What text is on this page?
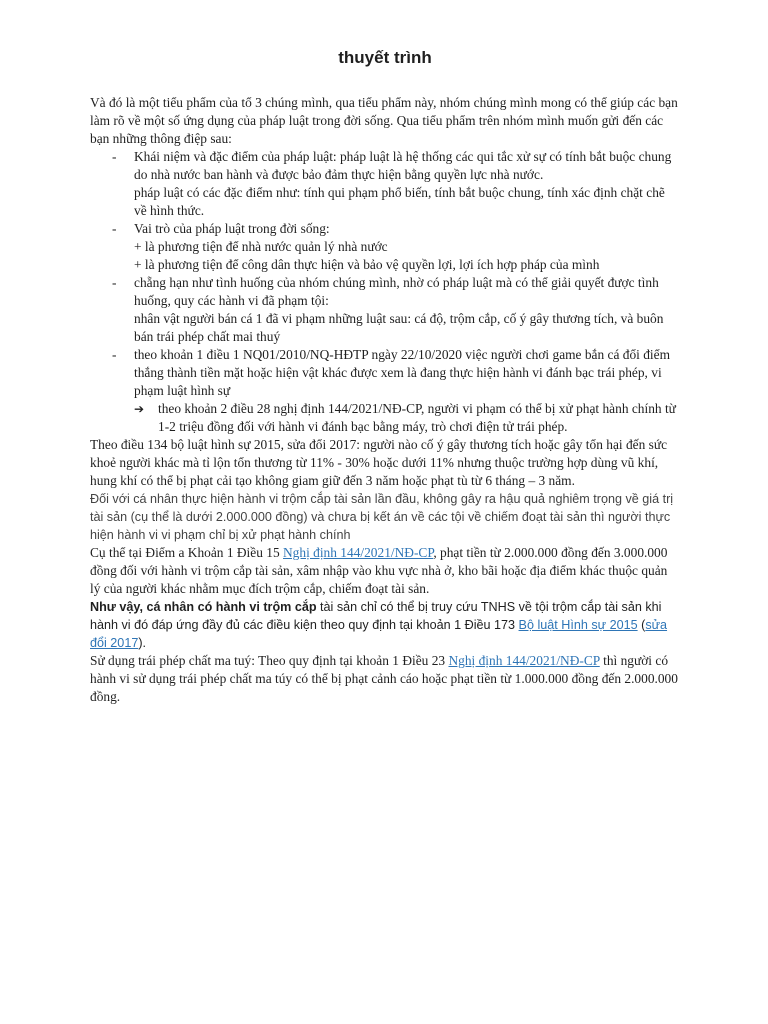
thuyết trình

Và đó là một tiểu phẩm của tổ 3 chúng mình, qua tiểu phẩm này, nhóm chúng mình mong có thể giúp các bạn làm rõ về một số ứng dụng của pháp luật trong đời sống. Qua tiểu phẩm trên nhóm mình muốn gửi đến các bạn những thông điệp sau:

- Khái niệm và đặc điểm của pháp luật: pháp luật là hệ thống các qui tắc xử sự có tính bắt buộc chung do nhà nước ban hành và được bảo đảm thực hiện bằng quyền lực nhà nước.
pháp luật có các đặc điểm như: tính qui phạm phổ biến, tính bắt buộc chung, tính xác định chặt chẽ về hình thức.
- Vai trò của pháp luật trong đời sống:
+ là phương tiện để nhà nước quản lý nhà nước
+ là phương tiện để công dân thực hiện và bảo vệ quyền lợi, lợi ích hợp pháp của mình
- chẵng hạn như tình huống của nhóm chúng mình, nhờ có pháp luật mà có thể giải quyết được tình huống, quy các hành vi đã phạm tội:
nhân vật người bán cá 1 đã vi phạm những luật sau: cá độ, trộm cắp, cố ý gây thương tích, và buôn bán trái phép chất mai thuý
- theo khoản 1 điều 1 NQ01/2010/NQ-HĐTP ngày 22/10/2020 việc người chơi game bắn cá đổi điểm thắng thành tiền mặt hoặc hiện vật khác được xem là đang thực hiện hành vi đánh bạc trái phép, vi phạm luật hình sự
➔ theo khoản 2 điều 28 nghị định 144/2021/NĐ-CP, người vi phạm có thể bị xử phạt hành chính từ 1-2 triệu đồng đối với hành vi đánh bạc bằng máy, trò chơi điện tử trái phép.

Theo điều 134 bộ luật hình sự 2015, sửa đổi 2017: người nào cố ý gây thương tích hoặc gây tổn hại đến sức khoẻ người khác mà tỉ lộn tổn thương từ 11% - 30% hoặc dưới 11% nhưng thuộc trường hợp dùng vũ khí, hung khí có thể bị phạt cải tạo không giam giữ đến 3 năm hoặc phạt tù từ 6 tháng – 3 năm.

Đối với cá nhân thực hiện hành vi trộm cắp tài sản lần đầu, không gây ra hậu quả nghiêm trọng về giá trị tài sản (cụ thể là dưới 2.000.000 đồng) và chưa bị kết án về các tội về chiếm đoạt tài sản thì người thực hiện hành vi vi phạm chỉ bị xử phạt hành chính

Cụ thể tại Điểm a Khoản 1 Điều 15 Nghị định 144/2021/NĐ-CP, phạt tiền từ 2.000.000 đồng đến 3.000.000 đồng đối với hành vi trộm cắp tài sản, xâm nhập vào khu vực nhà ở, kho bãi hoặc địa điểm khác thuộc quản lý của người khác nhằm mục đích trộm cắp, chiếm đoạt tài sản.

Như vậy, cá nhân có hành vi trộm cắp tài sản chỉ có thể bị truy cứu TNHS về tội trộm cắp tài sản khi hành vi đó đáp ứng đầy đủ các điều kiện theo quy định tại khoản 1 Điều 173 Bộ luật Hình sự 2015 (sửa đổi 2017).

Sử dụng trái phép chất ma tuý: Theo quy định tại khoản 1 Điều 23 Nghị định 144/2021/NĐ-CP thì người có hành vi sử dụng trái phép chất ma túy có thể bị phạt cảnh cáo hoặc phạt tiền từ 1.000.000 đồng đến 2.000.000 đồng.
